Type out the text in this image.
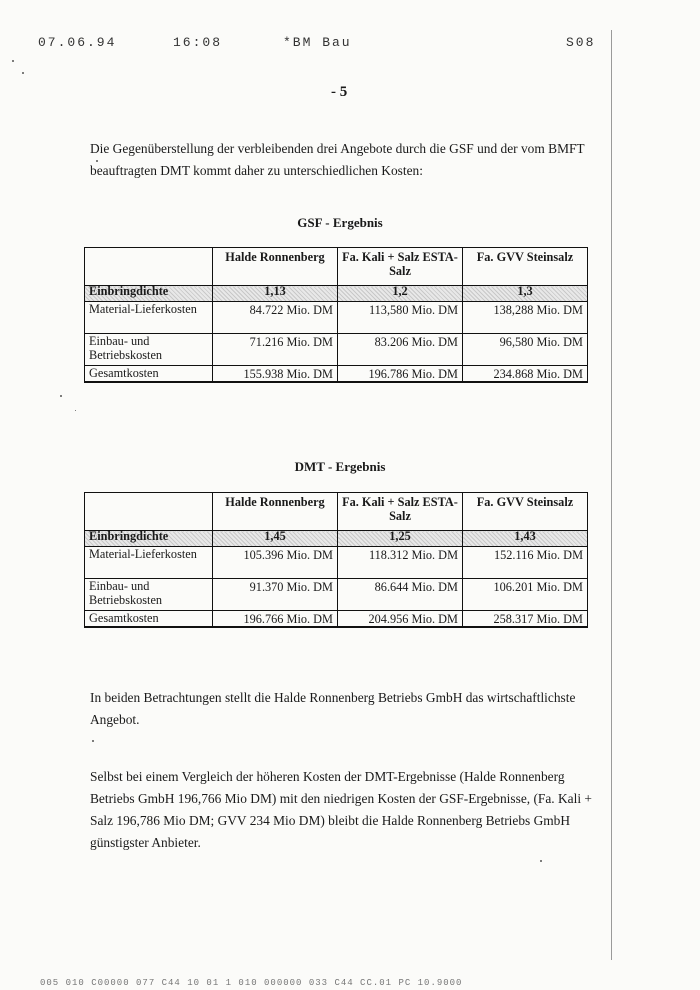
07.06.94	16:08	*BM Bau	S08
- 5

Die Gegenüberstellung der verbleibenden drei Angebote durch die GSF und der vom BMFT beauftragten DMT kommt daher zu unterschiedlichen Kosten:

GSF - Ergebnis
	Halde Ronnenberg	Fa. Kali + Salz ESTA-Salz	Fa. GVV Steinsalz
Einbringdichte	1,13	1,2	1,3
Material-Lieferkosten	84.722 Mio. DM	113,580 Mio. DM	138,288 Mio. DM
Einbau- und Betriebskosten	71.216 Mio. DM	83.206 Mio. DM	96,580 Mio. DM
Gesamtkosten	155.938 Mio. DM	196.786 Mio. DM	234.868 Mio. DM
DMT - Ergebnis
	Halde Ronnenberg	Fa. Kali + Salz ESTA-Salz	Fa. GVV Steinsalz
Einbringdichte	1,45	1,25	1,43
Material-Lieferkosten	105.396 Mio. DM	118.312 Mio. DM	152.116 Mio. DM
Einbau- und Betriebskosten	91.370 Mio. DM	86.644 Mio. DM	106.201 Mio. DM
Gesamtkosten	196.766 Mio. DM	204.956 Mio. DM	258.317 Mio. DM

In beiden Betrachtungen stellt die Halde Ronnenberg Betriebs GmbH das wirtschaftlichste Angebot.

Selbst bei einem Vergleich der höheren Kosten der DMT-Ergebnisse (Halde Ronnenberg Betriebs GmbH 196,766 Mio DM) mit den niedrigen Kosten der GSF-Ergebnisse, (Fa. Kali + Salz 196,786 Mio DM; GVV 234 Mio DM) bleibt die Halde Ronnenberg Betriebs GmbH günstigster Anbieter.

005 010 C00000 077 C44 10 01 1 010 000000 033 C44 CC.01 PC 10.9000
